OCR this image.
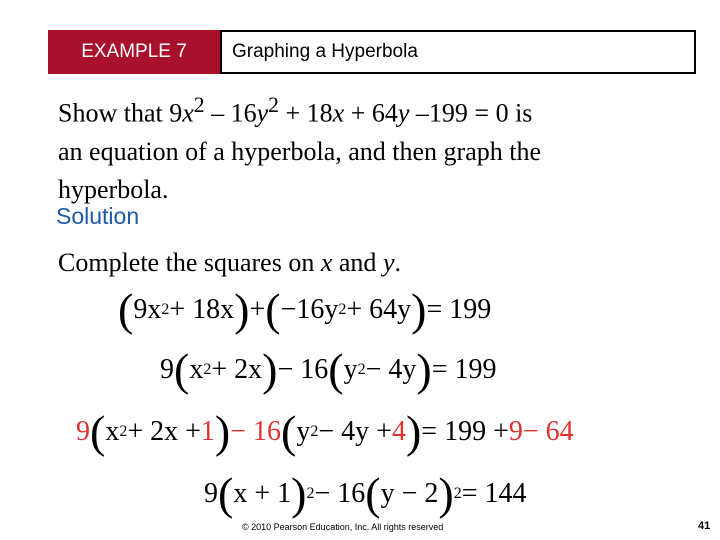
EXAMPLE 7	Graphing a Hyperbola
Show that $9x^2 - 16y^2 + 18x + 64y$ –199 = 0 is
an equation of a hyperbola, and then graph the
hyperbola.
Solution
Complete the squares on x and y.
( 9x 2 + 18x ) + ( −16y 2 + 64y ) = 199
9 ( x 2 + 2x ) − 16 ( y 2 − 4y ) = 199
9 ( x 2 + 2x + 1 ) − 16 ( y 2 − 4y + 4 ) = 199 + 9 − 64
9 ( x + 1 ) 2 − 16 ( y − 2 ) 2 = 144
© 2010 Pearson Education, Inc. All rights reserved	41
